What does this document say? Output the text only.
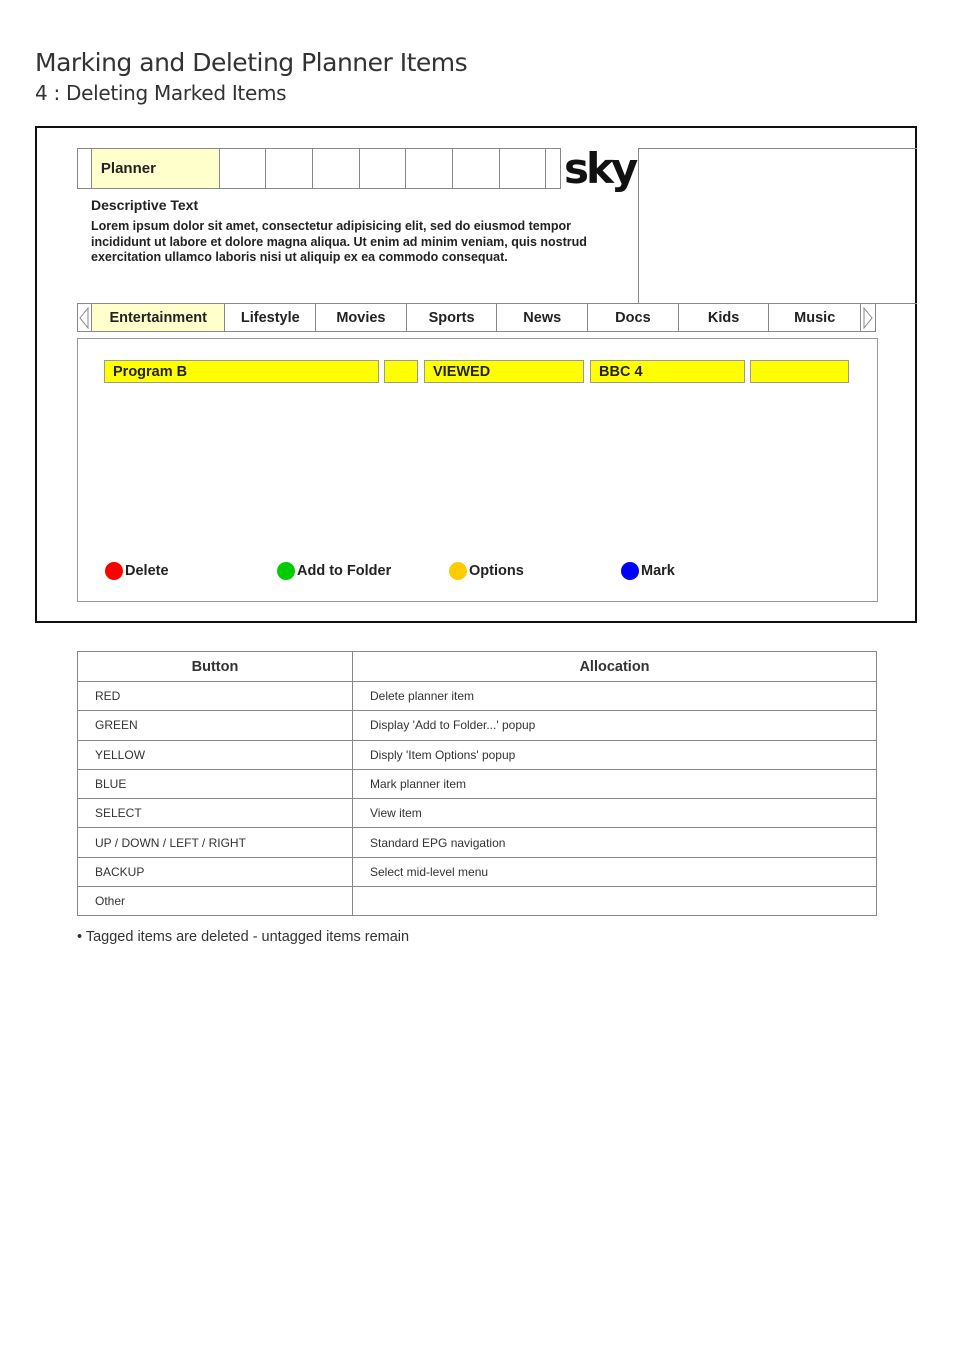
Marking and Deleting Planner Items
4 : Deleting Marked Items
Planner	sky
Descriptive Text
Lorem ipsum dolor sit amet, consectetur adipisicing elit, sed do eiusmod tempor incididunt ut labore et dolore magna aliqua. Ut enim ad minim veniam, quis nostrud exercitation ullamco laboris nisi ut aliquip ex ea commodo consequat.
Entertainment	Lifestyle	Movies	Sports	News	Docs	Kids	Music
Program B	VIEWED	BBC 4
Delete	Add to Folder	Options	Mark
Button	Allocation
RED	Delete planner item
GREEN	Display 'Add to Folder...' popup
YELLOW	Disply 'Item Options' popup
BLUE	Mark planner item
SELECT	View item
UP / DOWN / LEFT / RIGHT	Standard EPG navigation
BACKUP	Select mid-level menu
Other	
• Tagged items are deleted - untagged items remain
